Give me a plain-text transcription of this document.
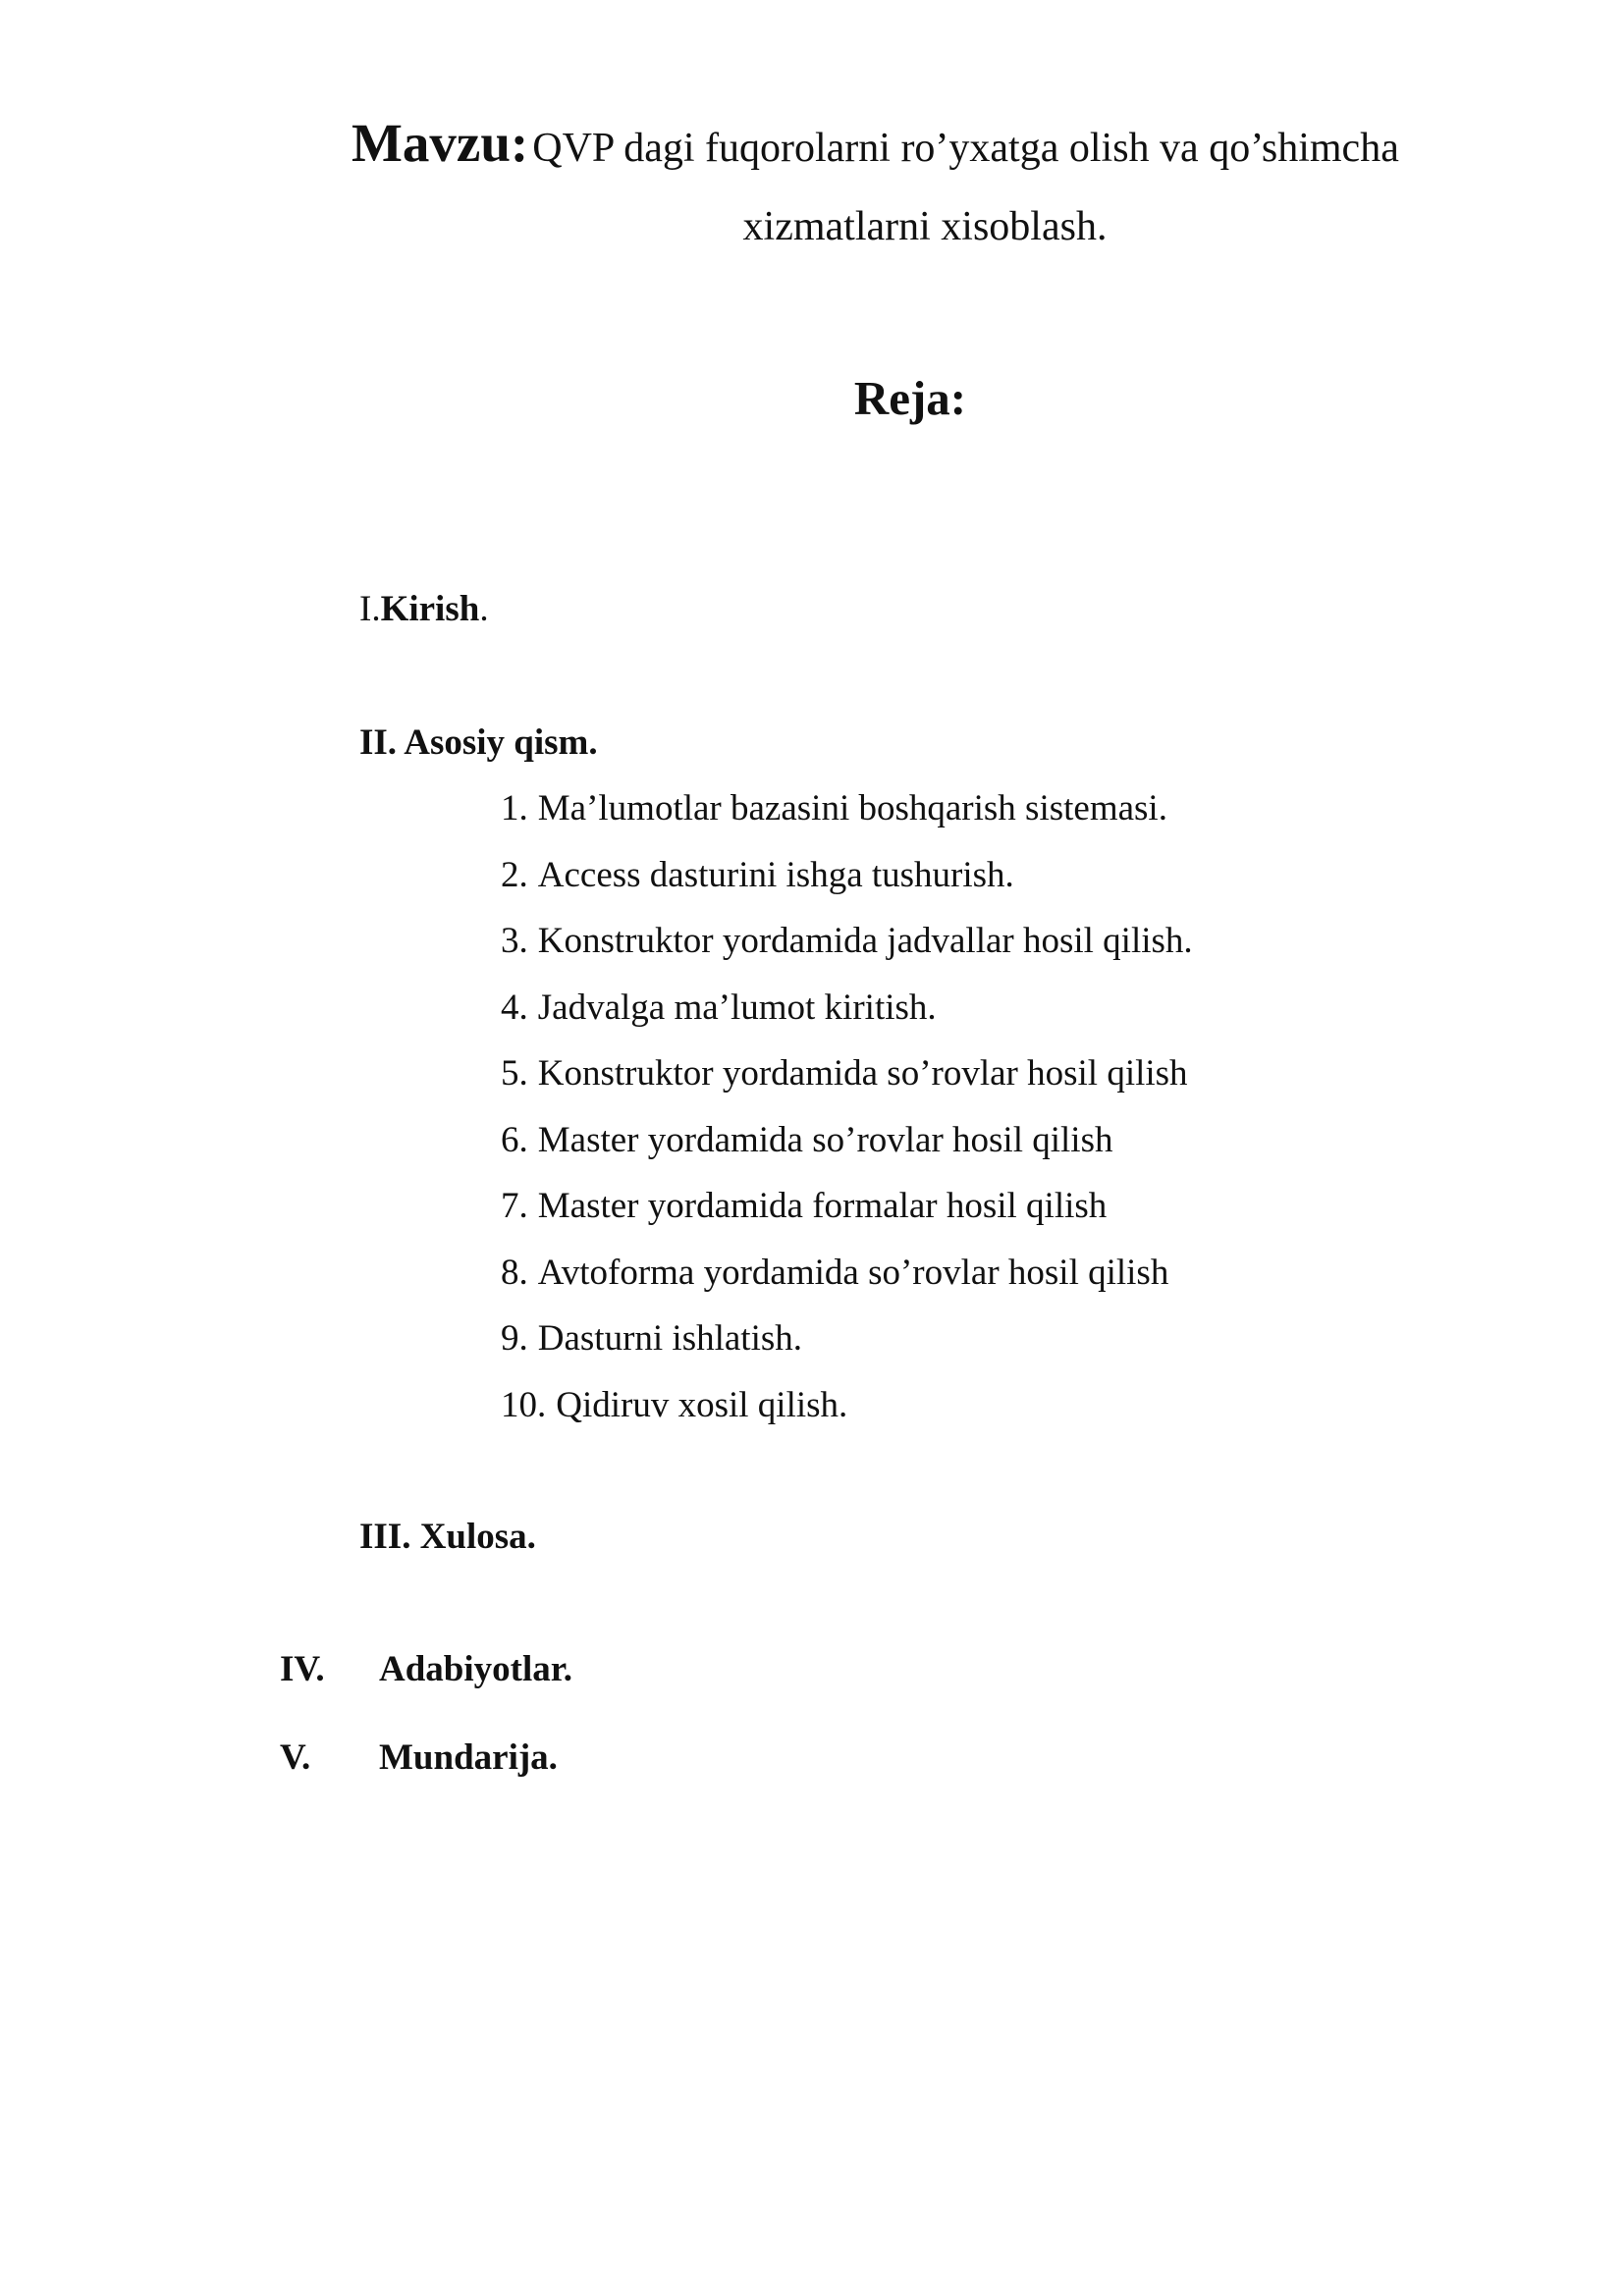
Mavzu: QVP dagi fuqorolarni ro’yxatga olish va qo’shimcha
xizmatlarni xisoblash.
Reja:
I.Kirish.
II. Asosiy qism.
1. Ma’lumotlar bazasini boshqarish sistemasi.
2. Access dasturini ishga tushurish.
3. Konstruktor yordamida jadvallar hosil qilish.
4. Jadvalga ma’lumot kiritish.
5. Konstruktor yordamida so’rovlar hosil qilish
6. Master yordamida so’rovlar hosil qilish
7. Master yordamida formalar hosil qilish
8. Avtoforma yordamida so’rovlar hosil qilish
9. Dasturni ishlatish.
10. Qidiruv xosil qilish.
III. Xulosa.
IV. Adabiyotlar.
V. Mundarija.
